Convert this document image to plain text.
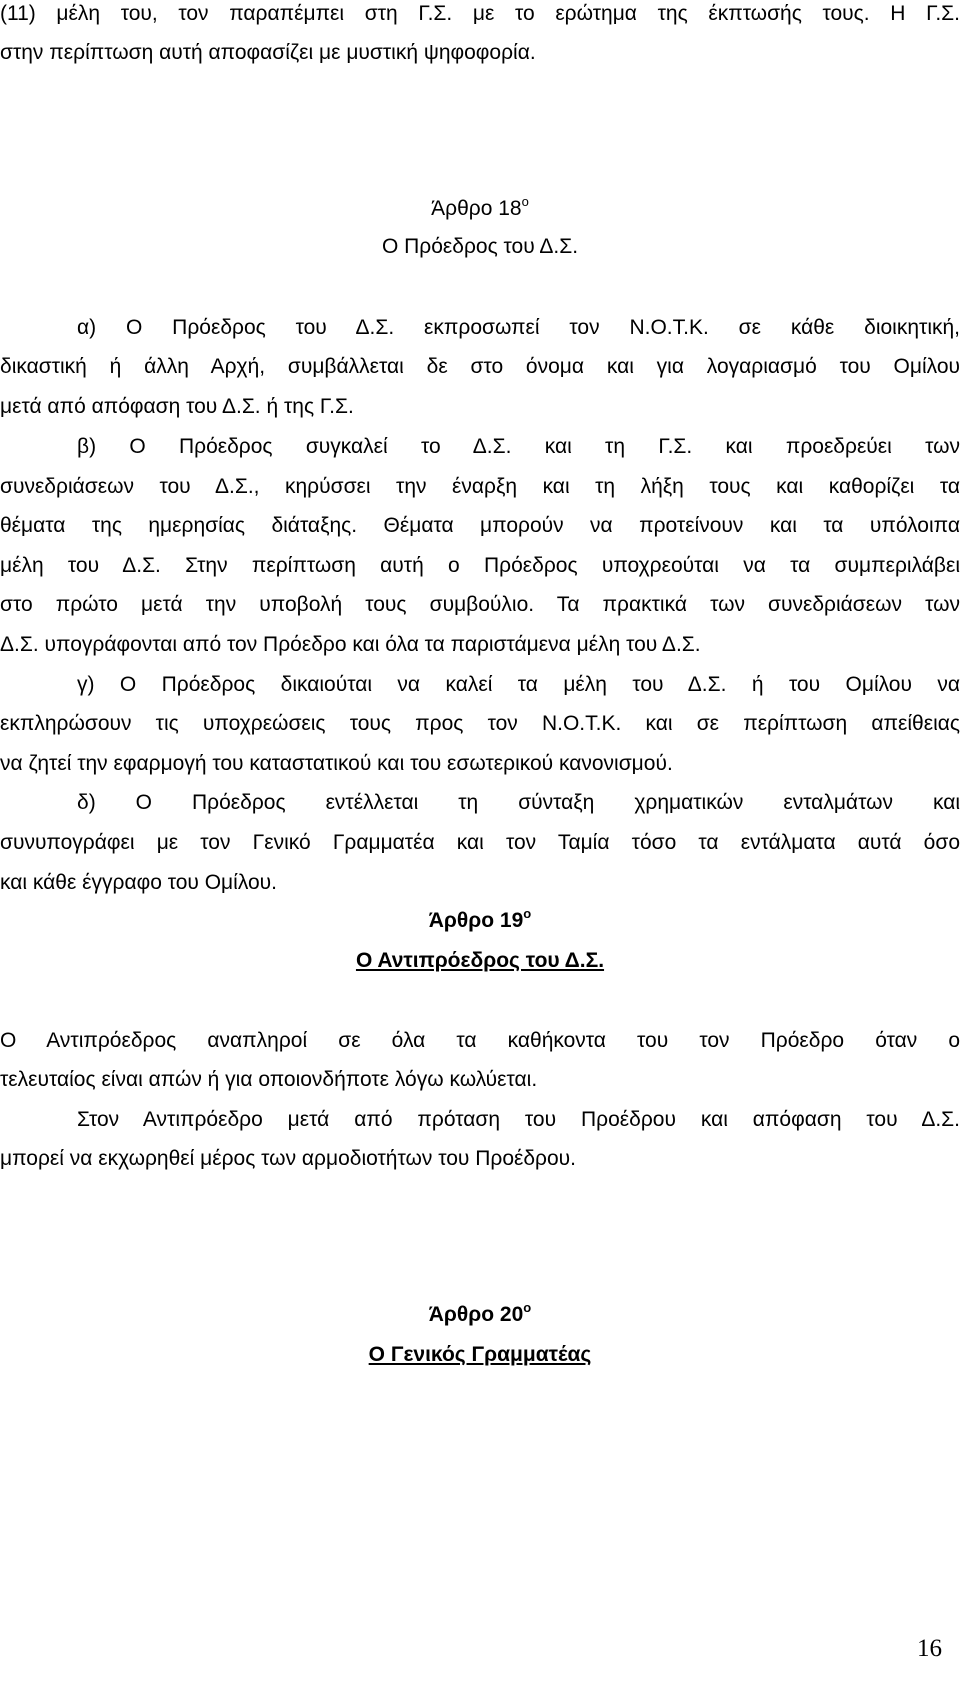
(11) μέλη του, τον παραπέμπει στη Γ.Σ. με το ερώτημα της έκπτωσής τους. Η Γ.Σ.
στην περίπτωση αυτή αποφασίζει με μυστική ψηφοφορία.
Άρθρο $18^o$
Ο Πρόεδρος του Δ.Σ.
α) Ο Πρόεδρος του Δ.Σ. εκπροσωπεί τον Ν.Ο.Τ.Κ. σε κάθε διοικητική,
δικαστική ή άλλη Αρχή, συμβάλλεται δε στο όνομα και για λογαριασμό του Ομίλου
μετά από απόφαση του Δ.Σ. ή της Γ.Σ.
β) Ο Πρόεδρος συγκαλεί το Δ.Σ. και τη Γ.Σ. και προεδρεύει των
συνεδριάσεων του Δ.Σ., κηρύσσει την έναρξη και τη λήξη τους και καθορίζει τα
θέματα της ημερησίας διάταξης. Θέματα μπορούν να προτείνουν και τα υπόλοιπα
μέλη του Δ.Σ. Στην περίπτωση αυτή ο Πρόεδρος υποχρεούται να τα συμπεριλάβει
στο πρώτο μετά την υποβολή τους συμβούλιο. Τα πρακτικά των συνεδριάσεων των
Δ.Σ. υπογράφονται από τον Πρόεδρο και όλα τα παριστάμενα μέλη του Δ.Σ.
γ) Ο Πρόεδρος δικαιούται να καλεί τα μέλη του Δ.Σ. ή του Ομίλου να
εκπληρώσουν τις υποχρεώσεις τους προς τον Ν.Ο.Τ.Κ. και σε περίπτωση απείθειας
να ζητεί την εφαρμογή του καταστατικού και του εσωτερικού κανονισμού.
δ) Ο Πρόεδρος εντέλλεται τη σύνταξη χρηματικών ενταλμάτων και
συνυπογράφει με τον Γενικό Γραμματέα και τον Ταμία τόσο τα εντάλματα αυτά όσο
και κάθε έγγραφο του Ομίλου.
Άρθρο $19^o$
Ο Αντιπρόεδρος του Δ.Σ.
Ο Αντιπρόεδρος αναπληροί σε όλα τα καθήκοντα του τον Πρόεδρο όταν ο
τελευταίος είναι απών ή για οποιονδήποτε λόγω κωλύεται.
Στον Αντιπρόεδρο μετά από πρόταση του Προέδρου και απόφαση του Δ.Σ.
μπορεί να εκχωρηθεί μέρος των αρμοδιοτήτων του Προέδρου.
Άρθρο $20^o$
Ο Γενικός Γραμματέας
16
